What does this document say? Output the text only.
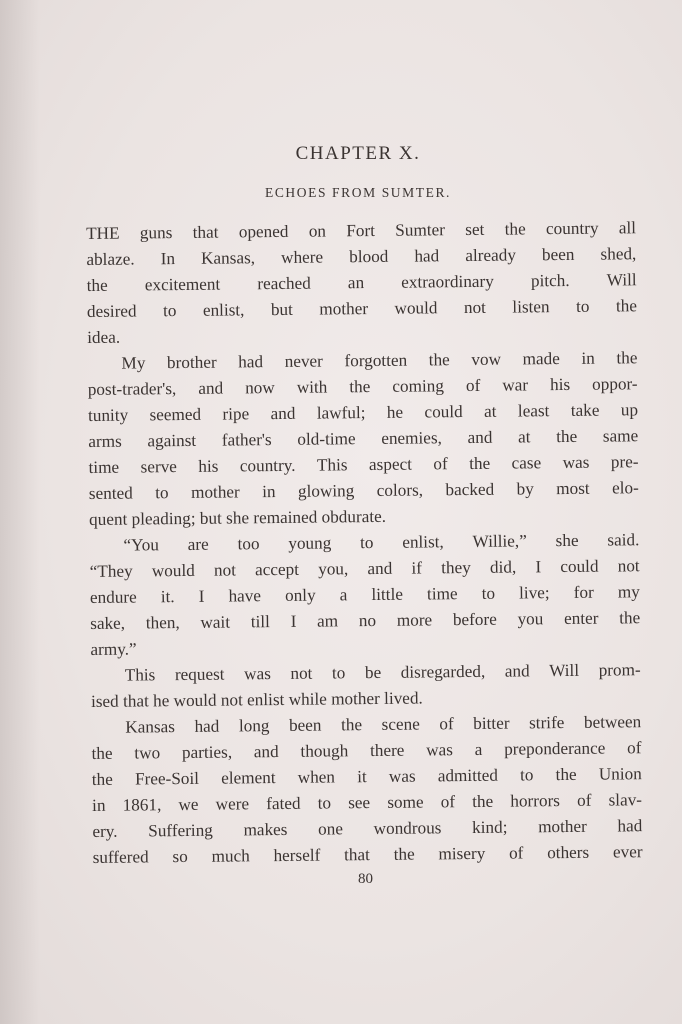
CHAPTER X.
ECHOES FROM SUMTER.
THE guns that opened on Fort Sumter set the country all
ablaze. In Kansas, where blood had already been shed,
the excitement reached an extraordinary pitch. Will
desired to enlist, but mother would not listen to the
idea.
My brother had never forgotten the vow made in the
post-trader's, and now with the coming of war his oppor-
tunity seemed ripe and lawful; he could at least take up
arms against father's old-time enemies, and at the same
time serve his country. This aspect of the case was pre-
sented to mother in glowing colors, backed by most elo-
quent pleading; but she remained obdurate.
“You are too young to enlist, Willie,” she said.
“They would not accept you, and if they did, I could not
endure it. I have only a little time to live; for my
sake, then, wait till I am no more before you enter the
army.”
This request was not to be disregarded, and Will prom-
ised that he would not enlist while mother lived.
Kansas had long been the scene of bitter strife between
the two parties, and though there was a preponderance of
the Free-Soil element when it was admitted to the Union
in 1861, we were fated to see some of the horrors of slav-
ery. Suffering makes one wondrous kind; mother had
suffered so much herself that the misery of others ever

80
